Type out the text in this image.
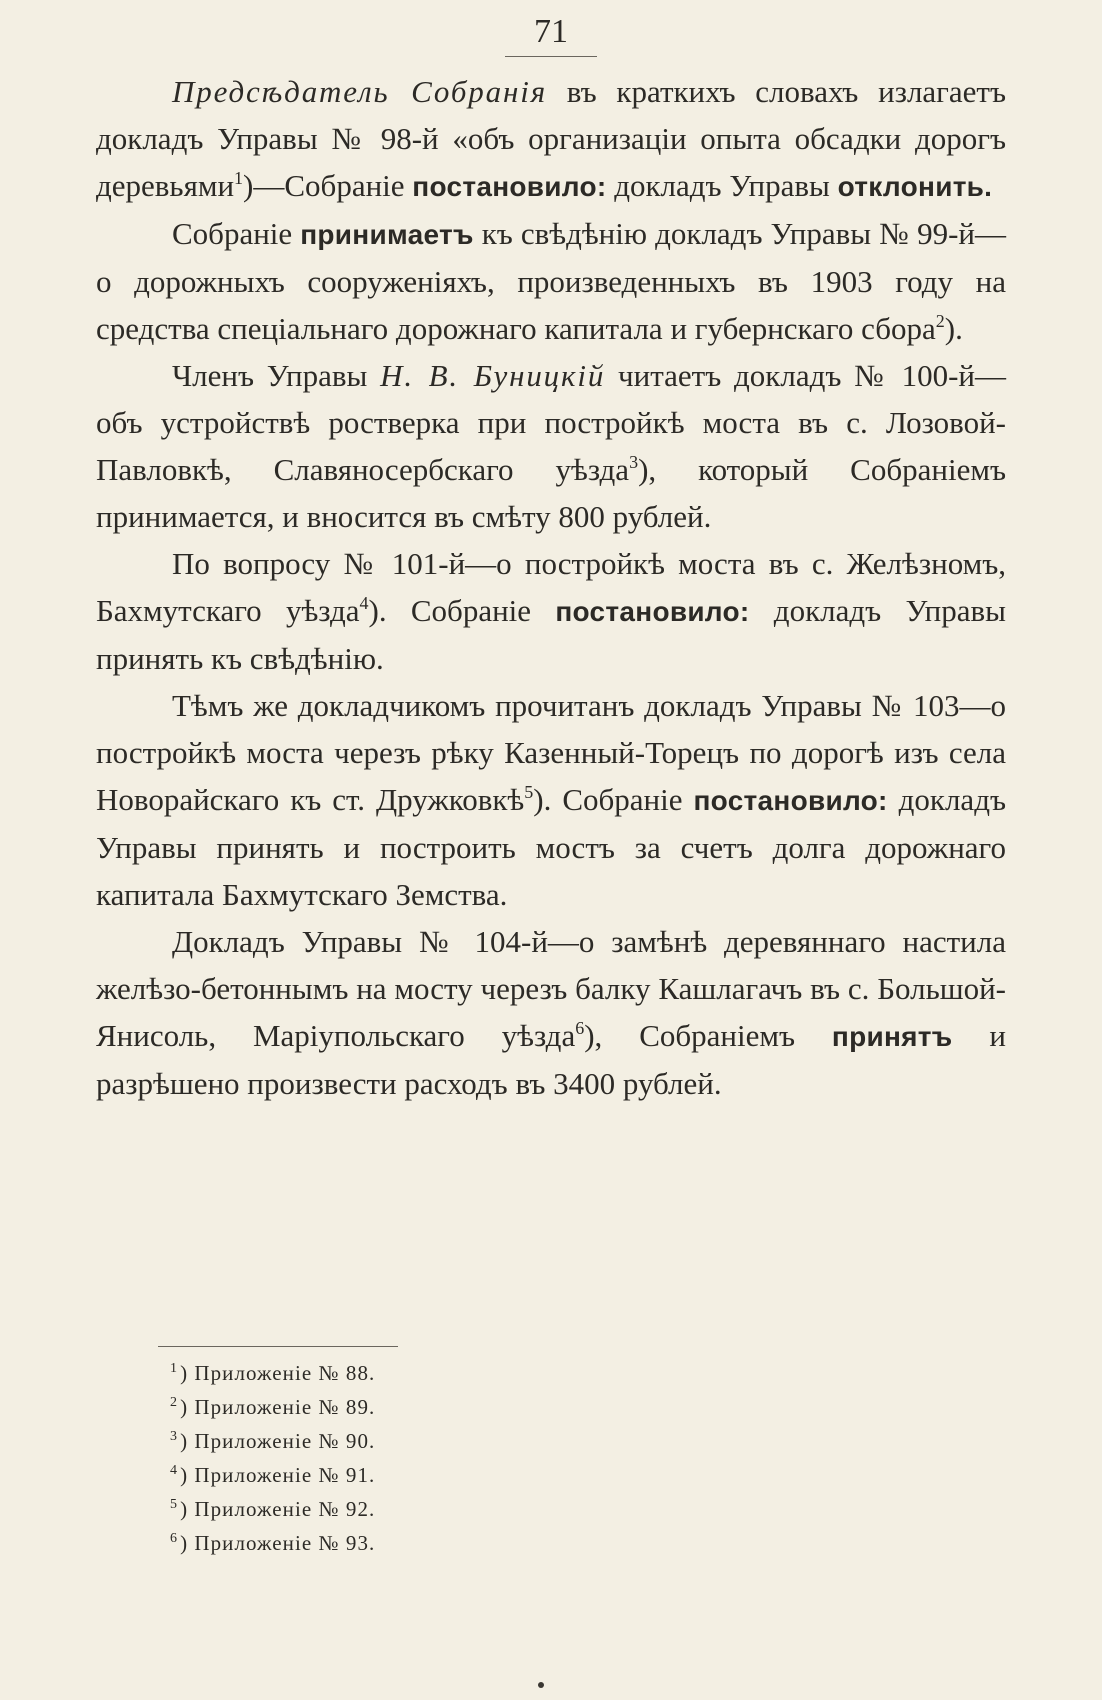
71

Предсѣдатель Собранія въ краткихъ словахъ излагаетъ докладъ Управы № 98-й «объ организаціи опыта обсадки дорогъ деревьями$^1$)—Собраніе постановило: докладъ Управы отклонить.

Собраніе принимаетъ къ свѣдѣнію докладъ Управы № 99-й—о дорожныхъ сооруженіяхъ, произведенныхъ въ 1903 году на средства спеціальнаго дорожнаго капитала и губернскаго сбора$^2$).

Членъ Управы Н. В. Буницкій читаетъ докладъ № 100-й—объ устройствѣ ростверка при постройкѣ моста въ с. Лозовой-Павловкѣ, Славяносербскаго уѣзда$^3$), который Собраніемъ принимается, и вносится въ смѣту 800 рублей.

По вопросу № 101-й—о постройкѣ моста въ с. Желѣзномъ, Бахмутскаго уѣзда$^4$). Собраніе постановило: докладъ Управы принять къ свѣдѣнію.

Тѣмъ же докладчикомъ прочитанъ докладъ Управы № 103—о постройкѣ моста черезъ рѣку Казенный-Торецъ по дорогѣ изъ села Новорайскаго къ ст. Дружковкѣ$^5$). Собраніе постановило: докладъ Управы принять и построить мостъ за счетъ долга дорожнаго капитала Бахмутскаго Земства.

Докладъ Управы № 104-й—о замѣнѣ деревяннаго настила желѣзо-бетоннымъ на мосту черезъ балку Кашлагачъ въ с. Большой-Янисоль, Маріупольскаго уѣзда$^6$), Собраніемъ принятъ и разрѣшено произвести расходъ въ 3400 рублей.

$^1$) Приложеніе № 88.
$^2$) Приложеніе № 89.
$^3$) Приложеніе № 90.
$^4$) Приложеніе № 91.
$^5$) Приложеніе № 92.
$^6$) Приложеніе № 93.
